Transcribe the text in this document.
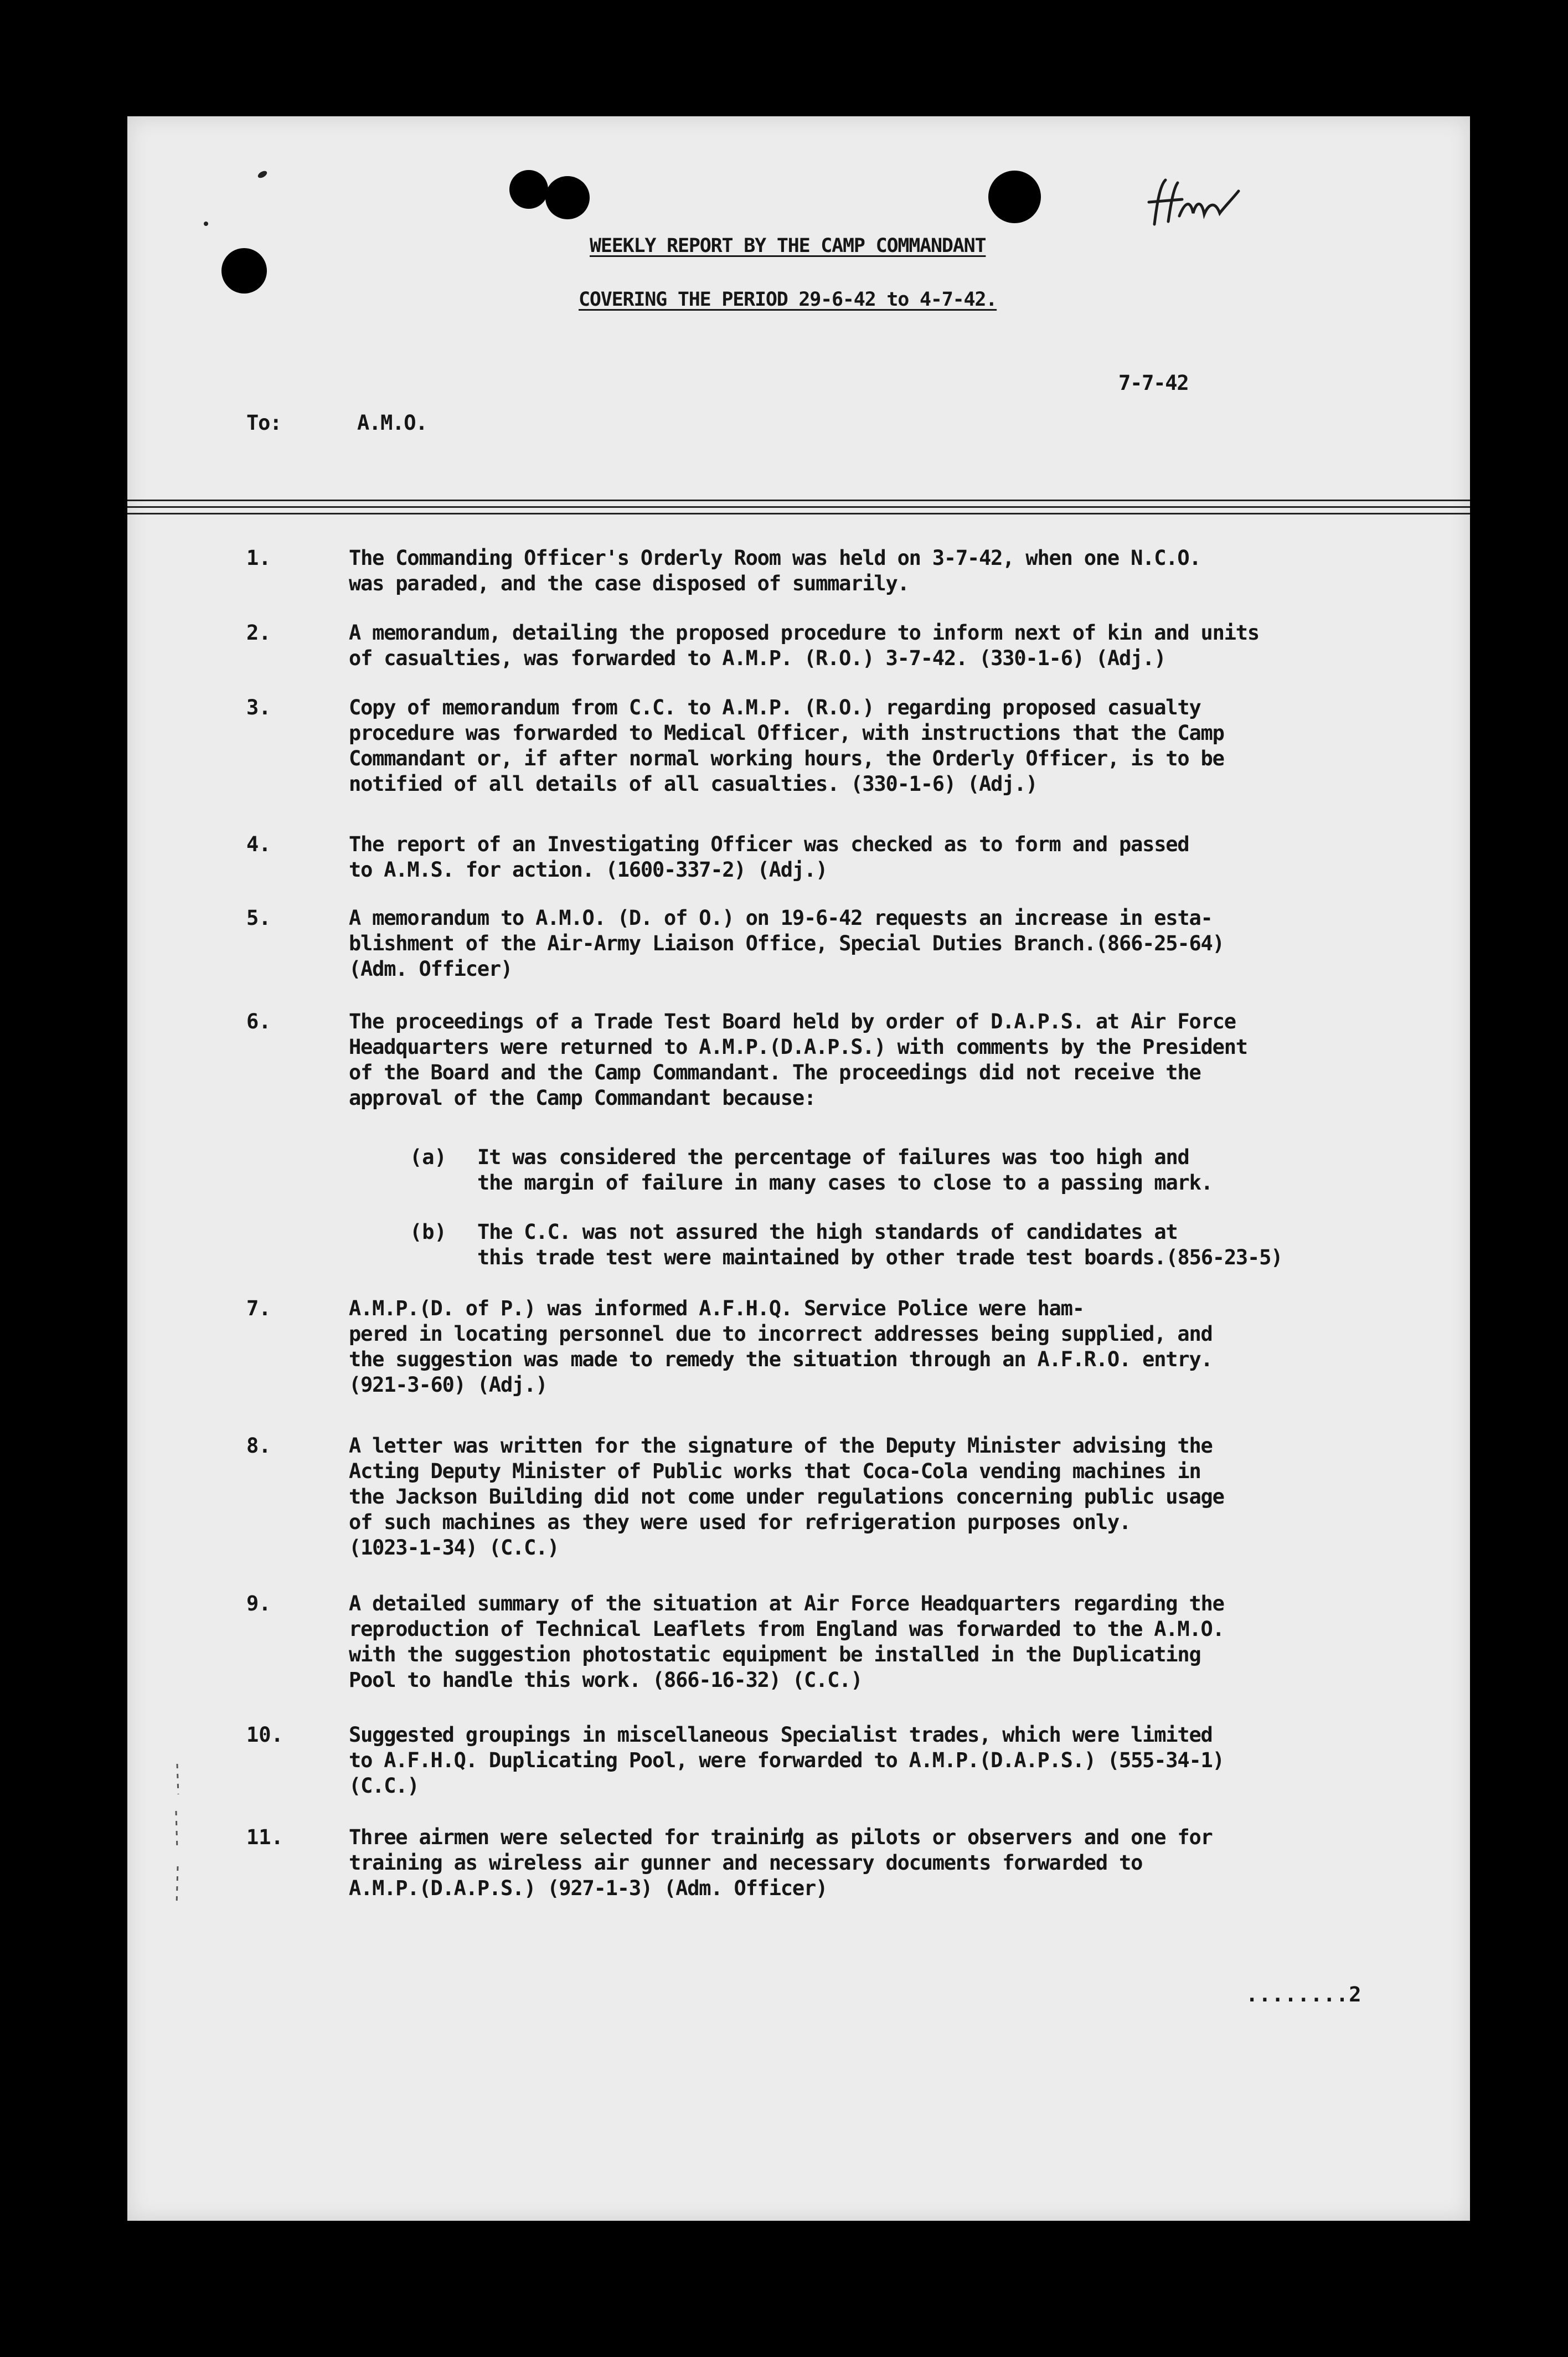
WEEKLY REPORT BY THE CAMP COMMANDANT

COVERING THE PERIOD 29-6-42 to 4-7-42.

7-7-42

To:	A.M.O.

1.	The Commanding Officer's Orderly Room was held on 3-7-42, when one N.C.O.
was paraded, and the case disposed of summarily.
2.	A memorandum, detailing the proposed procedure to inform next of kin and units
of casualties, was forwarded to A.M.P. (R.O.) 3-7-42. (330-1-6) (Adj.)
3.	Copy of memorandum from C.C. to A.M.P. (R.O.) regarding proposed casualty
procedure was forwarded to Medical Officer, with instructions that the Camp
Commandant or, if after normal working hours, the Orderly Officer, is to be
notified of all details of all casualties. (330-1-6) (Adj.)
4.	The report of an Investigating Officer was checked as to form and passed
to A.M.S. for action. (1600-337-2) (Adj.)
5.	A memorandum to A.M.O. (D. of O.) on 19-6-42 requests an increase in esta-
blishment of the Air-Army Liaison Office, Special Duties Branch.(866-25-64)
(Adm. Officer)
6.	The proceedings of a Trade Test Board held by order of D.A.P.S. at Air Force
Headquarters were returned to A.M.P.(D.A.P.S.) with comments by the President
of the Board and the Camp Commandant. The proceedings did not receive the
approval of the Camp Commandant because:
(a) It was considered the percentage of failures was too high and
the margin of failure in many cases to close to a passing mark.
(b) The C.C. was not assured the high standards of candidates at
this trade test were maintained by other trade test boards.(856-23-5)
7.	A.M.P.(D. of P.) was informed A.F.H.Q. Service Police were ham-
pered in locating personnel due to incorrect addresses being supplied, and
the suggestion was made to remedy the situation through an A.F.R.O. entry.
(921-3-60) (Adj.)
8.	A letter was written for the signature of the Deputy Minister advising the
Acting Deputy Minister of Public works that Coca-Cola vending machines in
the Jackson Building did not come under regulations concerning public usage
of such machines as they were used for refrigeration purposes only.
(1023-1-34) (C.C.)
9.	A detailed summary of the situation at Air Force Headquarters regarding the
reproduction of Technical Leaflets from England was forwarded to the A.M.O.
with the suggestion photostatic equipment be installed in the Duplicating
Pool to handle this work. (866-16-32) (C.C.)
10.	Suggested groupings in miscellaneous Specialist trades, which were limited
to A.F.H.Q. Duplicating Pool, were forwarded to A.M.P.(D.A.P.S.) (555-34-1)
(C.C.)
11.	Three airmen were selected for training as pilots or observers and one for
training as wireless air gunner and necessary documents forwarded to
A.M.P.(D.A.P.S.) (927-1-3) (Adm. Officer)

........2
